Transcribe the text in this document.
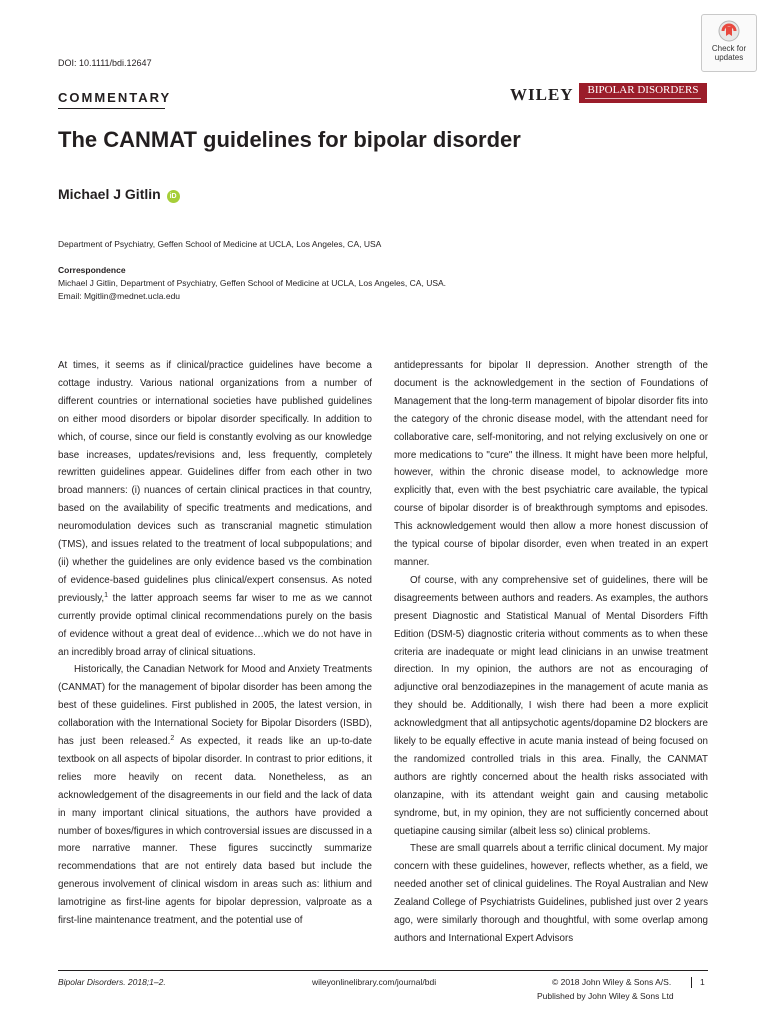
DOI: 10.1111/bdi.12647
COMMENTARY	WILEY	BIPOLAR DISORDERS
Check for
updates
The CANMAT guidelines for bipolar disorder
Michael J Gitlin iD
Department of Psychiatry, Geffen School of Medicine at UCLA, Los Angeles, CA, USA
Correspondence
Michael J Gitlin, Department of Psychiatry, Geffen School of Medicine at UCLA, Los Angeles, CA, USA.
Email: Mgitlin@mednet.ucla.edu

At times, it seems as if clinical/practice guidelines have become a cottage industry. Various national organizations from a number of different countries or international societies have published guidelines on either mood disorders or bipolar disorder specifically. In addition to which, of course, since our field is constantly evolving as our knowledge base increases, updates/revisions and, less frequently, completely rewritten guidelines appear. Guidelines differ from each other in two broad manners: (i) nuances of certain clinical practices in that country, based on the availability of specific treatments and medications, and neuromodulation devices such as transcranial magnetic stimulation (TMS), and issues related to the treatment of local subpopulations; and (ii) whether the guidelines are only evidence based vs the combination of evidence-based guidelines plus clinical/expert consensus. As noted previously,$^1$ the latter approach seems far wiser to me as we cannot currently provide optimal clinical recommendations purely on the basis of evidence without a great deal of evidence…which we do not have in an incredibly broad array of clinical situations.

Historically, the Canadian Network for Mood and Anxiety Treatments (CANMAT) for the management of bipolar disorder has been among the best of these guidelines. First published in 2005, the latest version, in collaboration with the International Society for Bipolar Disorders (ISBD), has just been released.$^2$ As expected, it reads like an up-to-date textbook on all aspects of bipolar disorder. In contrast to prior editions, it relies more heavily on recent data. Nonetheless, as an acknowledgement of the disagreements in our field and the lack of data in many important clinical situations, the authors have provided a number of boxes/figures in which controversial issues are discussed in a more narrative manner. These figures succinctly summarize recommendations that are not entirely data based but include the generous involvement of clinical wisdom in areas such as: lithium and lamotrigine as first-line agents for bipolar depression, valproate as a first-line maintenance treatment, and the potential use of

antidepressants for bipolar II depression. Another strength of the document is the acknowledgement in the section of Foundations of Management that the long-term management of bipolar disorder fits into the category of the chronic disease model, with the attendant need for collaborative care, self-monitoring, and not relying exclusively on one or more medications to "cure" the illness. It might have been more helpful, however, within the chronic disease model, to acknowledge more explicitly that, even with the best psychiatric care available, the typical course of bipolar disorder is of breakthrough symptoms and episodes. This acknowledgement would then allow a more honest discussion of the typical course of bipolar disorder, even when treated in an expert manner.

Of course, with any comprehensive set of guidelines, there will be disagreements between authors and readers. As examples, the authors present Diagnostic and Statistical Manual of Mental Disorders Fifth Edition (DSM-5) diagnostic criteria without comments as to when these criteria are inadequate or might lead clinicians in an unwise treatment direction. In my opinion, the authors are not as encouraging of adjunctive oral benzodiazepines in the management of acute mania as they should be. Additionally, I wish there had been a more explicit acknowledgment that all antipsychotic agents/dopamine D2 blockers are likely to be equally effective in acute mania instead of being focused on the randomized controlled trials in this area. Finally, the CANMAT authors are rightly concerned about the health risks associated with olanzapine, with its attendant weight gain and causing metabolic syndrome, but, in my opinion, they are not sufficiently concerned about quetiapine causing similar (albeit less so) clinical problems.

These are small quarrels about a terrific clinical document. My major concern with these guidelines, however, reflects whether, as a field, we needed another set of clinical guidelines. The Royal Australian and New Zealand College of Psychiatrists Guidelines, published just over 2 years ago, were similarly thorough and thoughtful, with some overlap among authors and International Expert Advisors

Bipolar Disorders. 2018;1–2.	wileyonlinelibrary.com/journal/bdi	© 2018 John Wiley & Sons A/S.	1
Published by John Wiley & Sons Ltd
